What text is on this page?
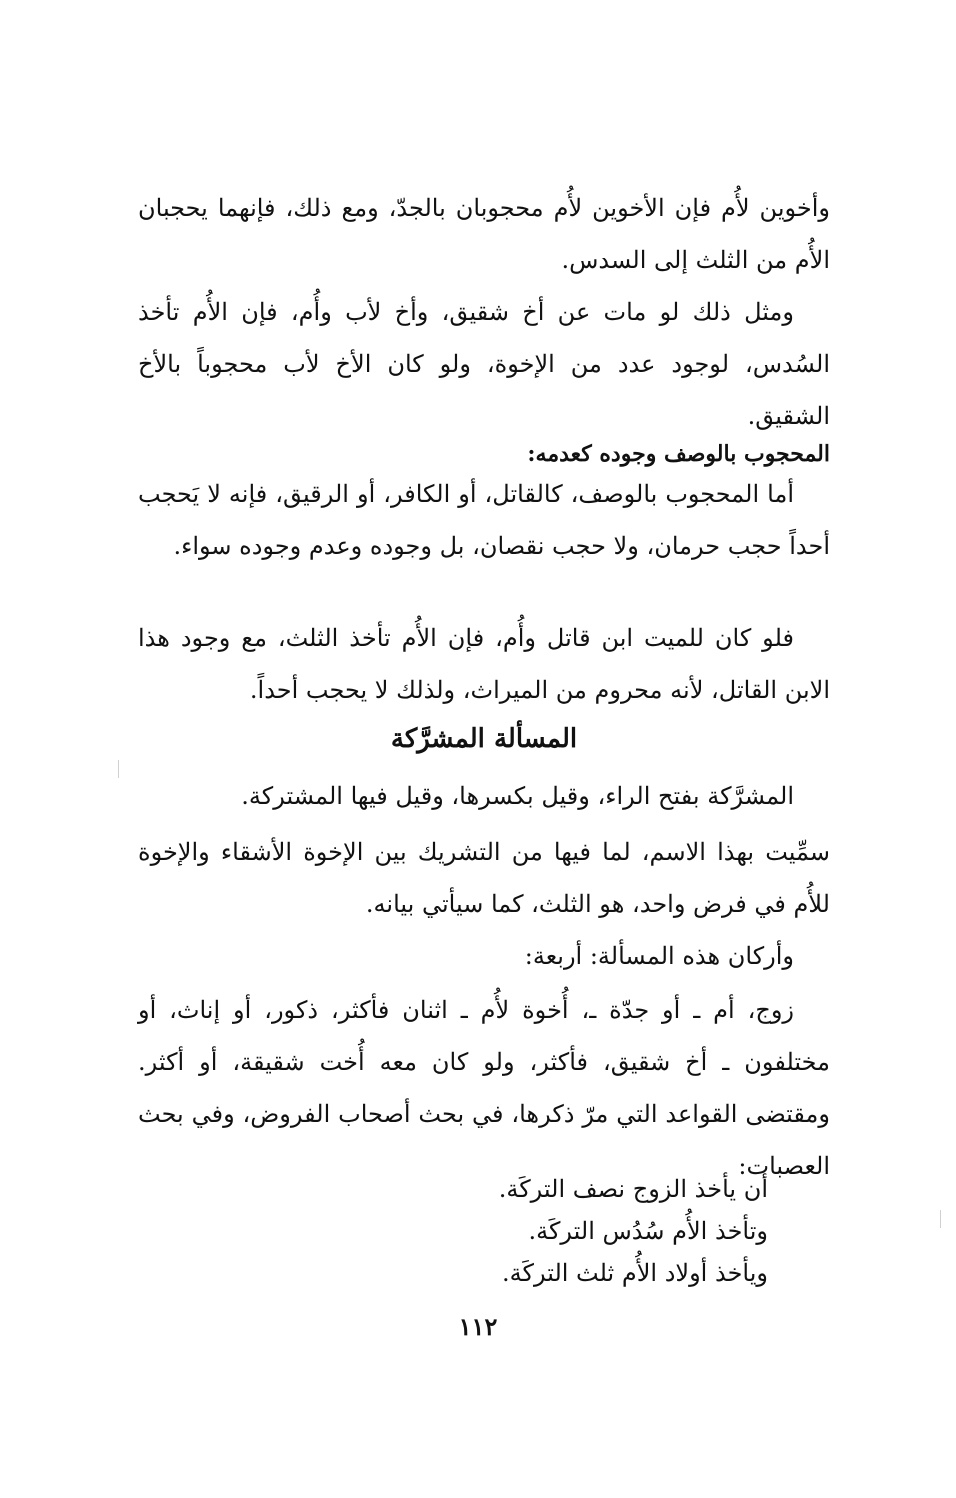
وأخوين لأُم فإن الأخوين لأُم محجوبان بالجدّ، ومع ذلك، فإنهما يحجبان الأُم من الثلث إلى السدس.

ومثل ذلك لو مات عن أخ شقيق، وأخ لأب وأُم، فإن الأُم تأخذ السُدس، لوجود عدد من الإخوة، ولو كان الأخ لأب محجوباً بالأخ الشقيق.

المحجوب بالوصف وجوده كعدمه:

أما المحجوب بالوصف، كالقاتل، أو الكافر، أو الرقيق، فإنه لا يَحجب أحداً حجب حرمان، ولا حجب نقصان، بل وجوده وعدم وجوده سواء.

فلو كان للميت ابن قاتل وأُم، فإن الأُم تأخذ الثلث، مع وجود هذا الابن القاتل، لأنه محروم من الميراث، ولذلك لا يحجب أحداً.

المسألة المشرَّكة

المشرَّكة بفتح الراء، وقيل بكسرها، وقيل فيها المشتركة.

سمِّيت بهذا الاسم، لما فيها من التشريك بين الإخوة الأشقاء والإخوة للأُم في فرض واحد، هو الثلث، كما سيأتي بيانه.

وأركان هذه المسألة: أربعة:

زوج، أم ـ أو جدّة ـ، أُخوة لأُم ـ اثنان فأكثر، ذكور، أو إناث، أو مختلفون ـ أخ شقيق، فأكثر، ولو كان معه أُخت شقيقة، أو أكثر. ومقتضى القواعد التي مرّ ذكرها، في بحث أصحاب الفروض، وفي بحث العصبات:

أن يأخذ الزوج نصف التركَة.
وتأخذ الأُم سُدُس التركَة.
ويأخذ أولاد الأُم ثلث التركَة.
١١٢
